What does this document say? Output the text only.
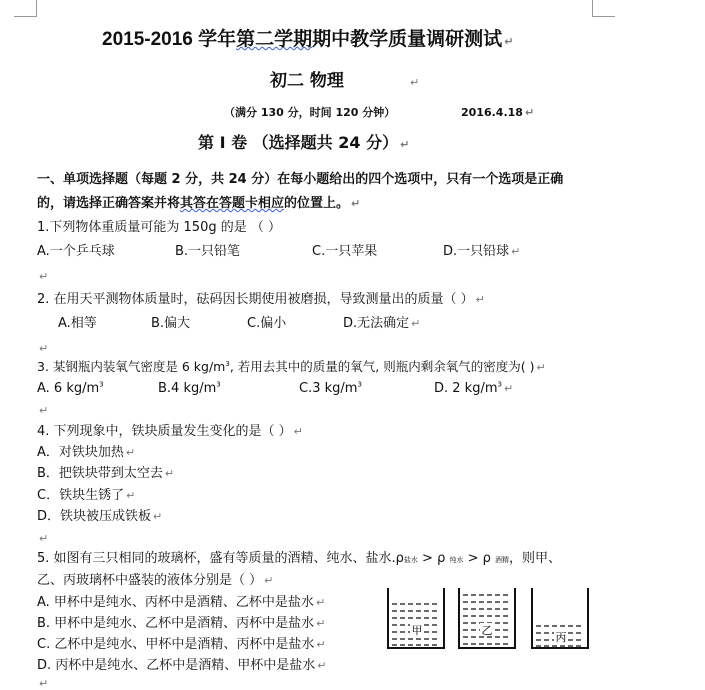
2015-2016 学年第二学期期中教学质量调研测试 ↵
初二 物理	↵
（满分 130 分，时间 120 分钟）	2016.4.18 ↵
第 I 卷 （选择题共 24 分） ↵
一、单项选择题（每题 2 分，共 24 分）在每小题给出的四个选项中，只有一个选项是正确
的，请选择正确答案并将其答在答题卡相应的位置上。 ↵
1.下列物体重质量可能为 150g 的是 （ ）
A.一个乒乓球	B.一只铅笔	C.一只苹果	D.一只铅球 ↵
↵
2. 在用天平测物体质量时，砝码因长期使用被磨损，导致测量出的质量（ ） ↵
A.相等	B.偏大	C.偏小	D.无法确定 ↵
↵
3. 某钢瓶内装氧气密度是 6 $kg/m^3$, 若用去其中的质量的氧气, 则瓶内剩余氧气的密度为( ) ↵
A. 6 $kg/m^3$	B.4 $kg/m^3$	C.3 $kg/m^3$	D. 2 $kg/m^3$ ↵
↵
4. 下列现象中，铁块质量发生变化的是（ ） ↵
A．对铁块加热 ↵
B．把铁块带到太空去 ↵
C．铁块生锈了 ↵
D．铁块被压成铁板 ↵
↵
5. 如图有三只相同的玻璃杯，盛有等质量的酒精、纯水、盐水.ρ盐水 > ρ 纯水 > ρ 酒精，则甲、
乙、丙玻璃杯中盛装的液体分别是（ ） ↵
A. 甲杯中是纯水、丙杯中是酒精、乙杯中是盐水 ↵
B. 甲杯中是纯水、乙杯中是酒精、丙杯中是盐水 ↵
C. 乙杯中是纯水、甲杯中是酒精、丙杯中是盐水 ↵
D. 丙杯中是纯水、乙杯中是酒精、甲杯中是盐水 ↵
↵
甲	乙
丙
